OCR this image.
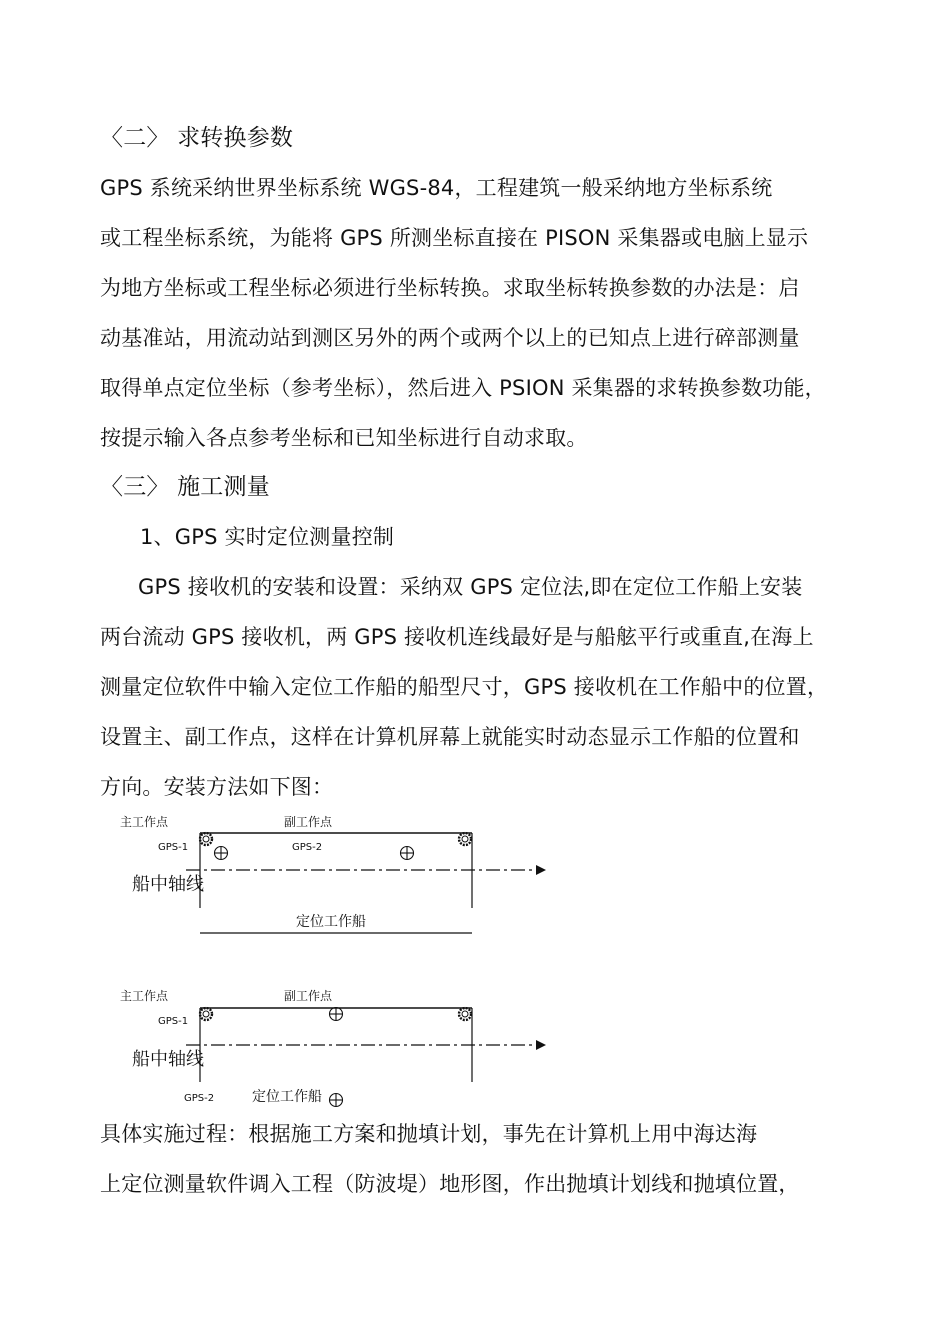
〈二〉 求转换参数
GPS 系统采纳世界坐标系统 WGS-84，工程建筑一般采纳地方坐标系统
或工程坐标系统，为能将 GPS 所测坐标直接在 PISON 采集器或电脑上显示
为地方坐标或工程坐标必须进行坐标转换。求取坐标转换参数的办法是：启
动基准站，用流动站到测区另外的两个或两个以上的已知点上进行碎部测量
取得单点定位坐标（参考坐标），然后进入 PSION 采集器的求转换参数功能，
按提示输入各点参考坐标和已知坐标进行自动求取。
〈三〉 施工测量
1、GPS 实时定位测量控制
GPS 接收机的安装和设置：采纳双 GPS 定位法,即在定位工作船上安装
两台流动 GPS 接收机，两 GPS 接收机连线最好是与船舷平行或重直,在海上
测量定位软件中输入定位工作船的船型尺寸，GPS 接收机在工作船中的位置，
设置主、副工作点，这样在计算机屏幕上就能实时动态显示工作船的位置和
方向。安装方法如下图：
主工作点	副工作点
GPS-1	GPS-2
船中轴线
定位工作船
主工作点	副工作点
GPS-1
船中轴线
GPS-2	定位工作船
具体实施过程：根据施工方案和抛填计划，事先在计算机上用中海达海
上定位测量软件调入工程（防波堤）地形图，作出抛填计划线和抛填位置，
